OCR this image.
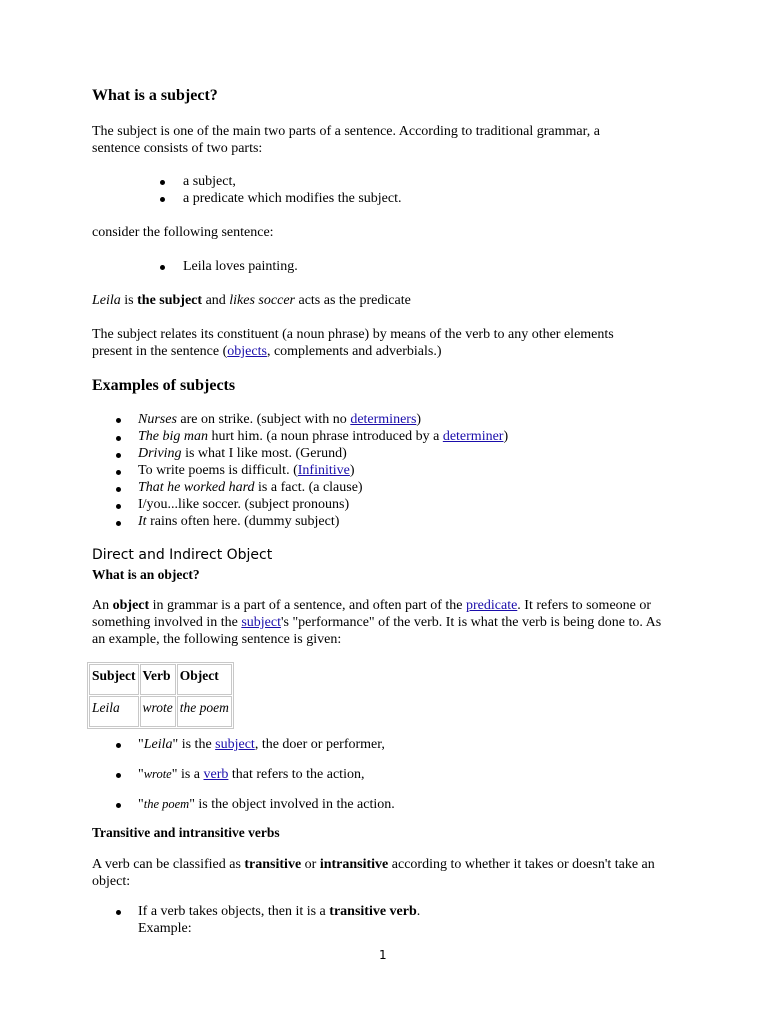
What is a subject?
The subject is one of the main two parts of a sentence. According to traditional grammar, a
sentence consists of two parts:
a subject,
a predicate which modifies the subject.
consider the following sentence:
Leila loves painting.
Leila is the subject and likes soccer acts as the predicate
The subject relates its constituent (a noun phrase) by means of the verb to any other elements
present in the sentence (objects, complements and adverbials.)
Examples of subjects
Nurses are on strike. (subject with no determiners)
The big man hurt him. (a noun phrase introduced by a determiner)
Driving is what I like most. (Gerund)
To write poems is difficult. (Infinitive)
That he worked hard is a fact. (a clause)
I/you...like soccer. (subject pronouns)
It rains often here. (dummy subject)
Direct and Indirect Object
What is an object?
An object in grammar is a part of a sentence, and often part of the predicate. It refers to someone or
something involved in the subject's "performance" of the verb. It is what the verb is being done to. As
an example, the following sentence is given:
Subject	Verb	Object
Leila	wrote	the poem
"Leila" is the subject, the doer or performer,
"wrote" is a verb that refers to the action,
"the poem" is the object involved in the action.
Transitive and intransitive verbs
A verb can be classified as transitive or intransitive according to whether it takes or doesn't take an
object:
If a verb takes objects, then it is a transitive verb.
Example:
1
